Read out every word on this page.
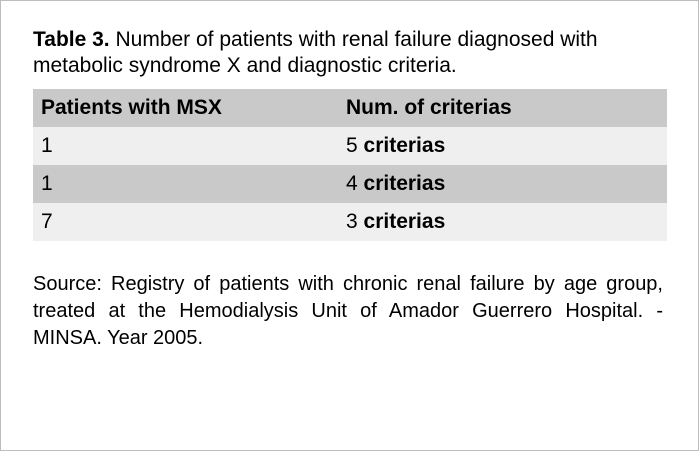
Table 3. Number of patients with renal failure diagnosed with metabolic syndrome X and diagnostic criteria.
Patients with MSX	Num. of criterias
1	5 criterias
1	4 criterias
7	3 criterias
Source: Registry of patients with chronic renal failure by age group, treated at the Hemodialysis Unit of Amador Guerrero Hospital. - MINSA. Year 2005.
